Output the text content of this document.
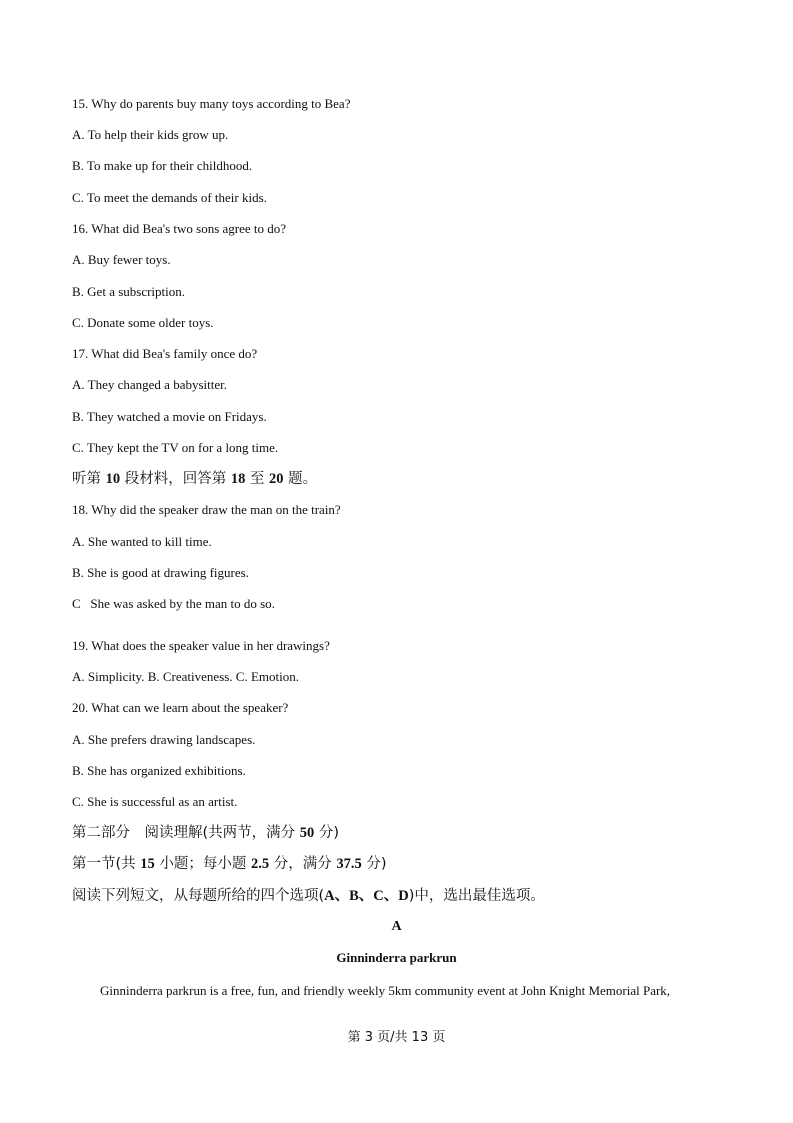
15. Why do parents buy many toys according to Bea?
A. To help their kids grow up.
B. To make up for their childhood.
C. To meet the demands of their kids.
16. What did Bea's two sons agree to do?
A. Buy fewer toys.
B. Get a subscription.
C. Donate some older toys.
17. What did Bea's family once do?
A. They changed a babysitter.
B. They watched a movie on Fridays.
C. They kept the TV on for a long time.
听第 10 段材料，回答第 18 至 20 题。
18. Why did the speaker draw the man on the train?
A. She wanted to kill time.
B. She is good at drawing figures.
C   She was asked by the man to do so.
19. What does the speaker value in her drawings?
A. Simplicity. B. Creativeness. C. Emotion.
20. What can we learn about the speaker?
A. She prefers drawing landscapes.
B. She has organized exhibitions.
C. She is successful as an artist.
第二部分　阅读理解(共两节，满分 50 分)
第一节(共 15 小题；每小题 2.5 分，满分 37.5 分)
阅读下列短文，从每题所给的四个选项(A、B、C、D)中，选出最佳选项。
A
Ginninderra parkrun
Ginninderra parkrun is a free, fun, and friendly weekly 5km community event at John Knight Memorial Park,
第 3 页/共 13 页
